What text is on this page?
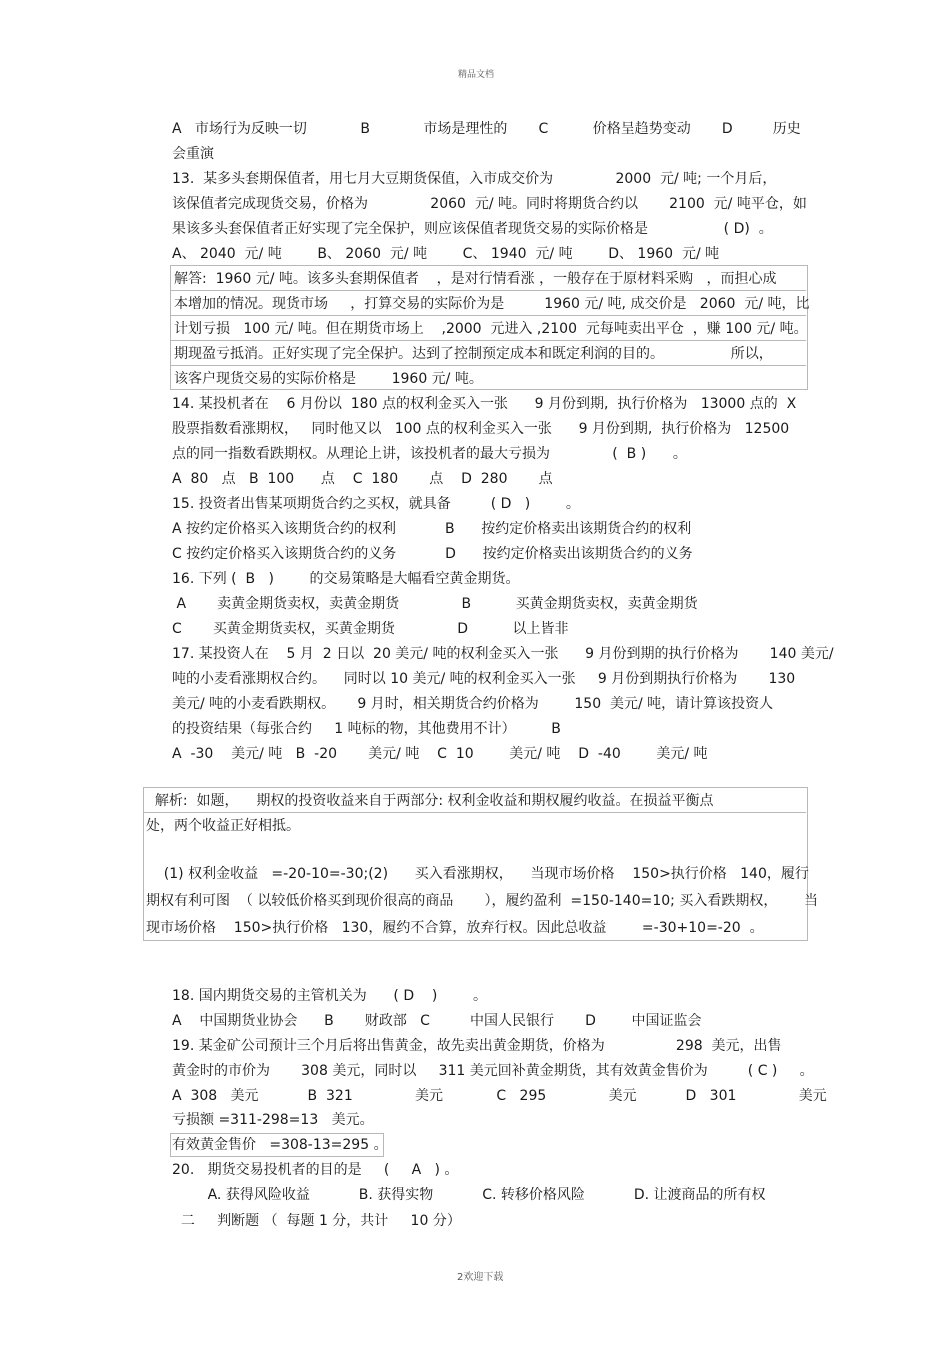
精品文档
A   市场行为反映一切            B            市场是理性的       C          价格呈趋势变动       D         历史
会重演
13.  某多头套期保值者，用七月大豆期货保值，入市成交价为              2000  元/ 吨; 一个月后，
该保值者完成现货交易，价格为              2060  元/ 吨。同时将期货合约以       2100  元/ 吨平仓，如
果该多头套保值者正好实现了完全保护，则应该保值者现货交易的实际价格是                 ( D)  。
A、 2040  元/ 吨        B、 2060  元/ 吨        C、 1940  元/ 吨        D、 1960  元/ 吨
解答:  1960 元/ 吨。该多头套期保值者    ，是对行情看涨 ，一般存在于原材料采购   ，而担心成
本增加的情况。现货市场     ，打算交易的实际价为是         1960 元/ 吨, 成交价是   2060  元/ 吨，比
计划亏损   100 元/ 吨。但在期货市场上    ,2000  元进入 ,2100  元每吨卖出平仓  ，赚 100 元/ 吨。
期现盈亏抵消。正好实现了完全保护。达到了控制预定成本和既定利润的目的。               所以，
该客户现货交易的实际价格是        1960 元/ 吨。
14. 某投机者在    6 月份以  180 点的权利金买入一张      9 月份到期,  执行价格为   13000 点的  X
股票指数看涨期权，   同时他又以   100 点的权利金买入一张      9 月份到期,  执行价格为   12500
点的同一指数看跌期权。从理论上讲，该投机者的最大亏损为              (  B )      。
A  80   点   B  100      点    C  180       点    D  280       点
15. 投资者出售某项期货合约之买权，就具备         ( D   )        。
A 按约定价格买入该期货合约的权利           B      按约定价格卖出该期货合约的权利
C 按约定价格买入该期货合约的义务           D      按约定价格卖出该期货合约的义务
16. 下列 (  B   )        的交易策略是大幅看空黄金期货。
A       卖黄金期货卖权，卖黄金期货              B          买黄金期货卖权，卖黄金期货
C       买黄金期货卖权，买黄金期货              D          以上皆非
17. 某投资人在    5 月  2 日以  20 美元/ 吨的权利金买入一张      9 月份到期的执行价格为       140 美元/
吨的小麦看涨期权合约。    同时以 10 美元/ 吨的权利金买入一张     9 月份到期执行价格为       130
美元/ 吨的小麦看跌期权。     9 月时，相关期货合约价格为        150  美元/ 吨，请计算该投资人
的投资结果（每张合约     1 吨标的物，其他费用不计）        B
A  -30    美元/ 吨   B  -20       美元/ 吨    C  10        美元/ 吨    D  -40        美元/ 吨
解析:  如题，    期权的投资收益来自于两部分: 权利金收益和期权履约收益。在损益平衡点
处，两个收益正好相抵。
(1) 权利金收益   =-20-10=-30;(2)      买入看涨期权，    当现市场价格    150>执行价格   140，履行
期权有利可图  （ 以较低价格买到现价很高的商品       ），履约盈利  =150-140=10; 买入看跌期权，      当
现市场价格    150>执行价格   130，履约不合算，放弃行权。因此总收益        =-30+10=-20  。
18. 国内期货交易的主管机关为      ( D    )        。
A    中国期货业协会      B       财政部   C         中国人民银行       D        中国证监会
19. 某金矿公司预计三个月后将出售黄金，故先卖出黄金期货，价格为                298  美元，出售
黄金时的市价为       308 美元，同时以     311 美元回补黄金期货，其有效黄金售价为         ( C )     。
A  308   美元           B  321              美元            C   295              美元           D   301              美元
亏损额 =311-298=13   美元。
有效黄金售价   =308-13=295 。
20.   期货交易投机者的目的是     (     A   ) 。
A. 获得风险收益           B. 获得实物           C. 转移价格风险           D. 让渡商品的所有权
二     判断题 （  每题 1 分，共计     10 分）
2欢迎下载
